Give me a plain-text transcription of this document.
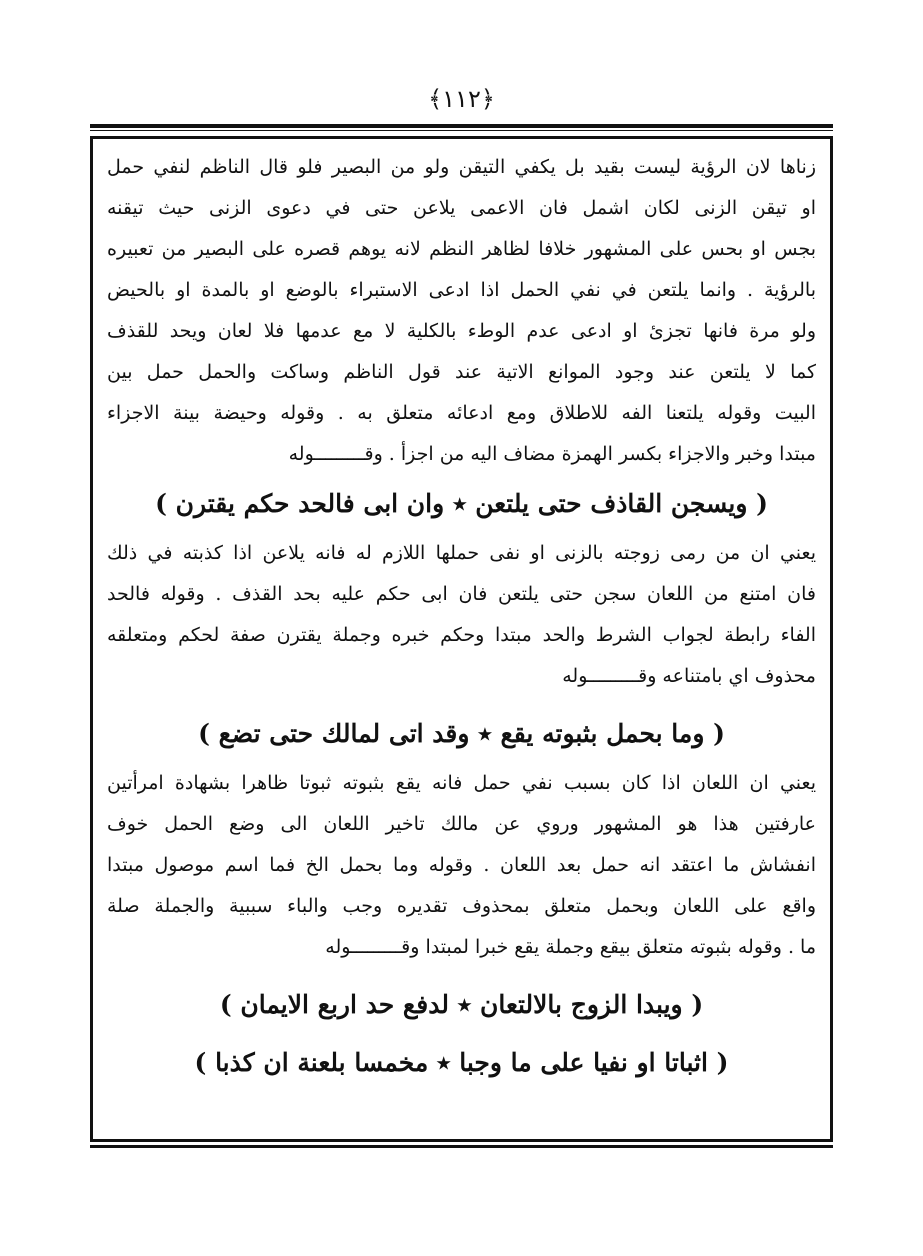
﴾١١٢﴿
زناها لان الرؤية ليست بقيد بل يكفي التيقن ولو من البصير فلو قال الناظم لنفي حمل
او تيقن الزنى لكان اشمل فان الاعمى يلاعن حتى في دعوى الزنى حيث تيقنه
بجس او بحس على المشهور خلافا لظاهر النظم لانه يوهم قصره على البصير من تعبيره
بالرؤية . وانما يلتعن في نفي الحمل اذا ادعى الاستبراء بالوضع او بالمدة او بالحيض
ولو مرة فانها تجزئ او ادعى عدم الوطء بالكلية لا مع عدمها فلا لعان ويحد للقذف
كما لا يلتعن عند وجود الموانع الاتية عند قول الناظم وساكت والحمل حمل بين
البيت وقوله يلتعنا الفه للاطلاق ومع ادعائه متعلق به . وقوله وحيضة بينة الاجزاء
مبتدا وخبر والاجزاء بكسر الهمزة مضاف اليه من اجزأ . وقـــــــــوله
( ويسجن القاذف حتى يلتعن ٭ وان ابى فالحد حكم يقترن )
يعني ان من رمى زوجته بالزنى او نفى حملها اللازم له فانه يلاعن اذا كذبته في ذلك
فان امتنع من اللعان سجن حتى يلتعن فان ابى حكم عليه بحد القذف . وقوله فالحد
الفاء رابطة لجواب الشرط والحد مبتدا وحكم خبره وجملة يقترن صفة لحكم ومتعلقه
محذوف اي بامتناعه وقـــــــــوله
( وما بحمل بثبوته يقع ٭ وقد اتى لمالك حتى تضع )
يعني ان اللعان اذا كان بسبب نفي حمل فانه يقع بثبوته ثبوتا ظاهرا بشهادة امرأتين
عارفتين هذا هو المشهور وروي عن مالك تاخير اللعان الى وضع الحمل خوف
انفشاش ما اعتقد انه حمل بعد اللعان . وقوله وما بحمل الخ فما اسم موصول مبتدا
واقع على اللعان وبحمل متعلق بمحذوف تقديره وجب والباء سببية والجملة صلة
ما . وقوله بثبوته متعلق بيقع وجملة يقع خبرا لمبتدا وقـــــــــوله
( ويبدا الزوج بالالتعان ٭ لدفع حد اربع الايمان )
( اثباتا او نفيا على ما وجبا ٭ مخمسا بلعنة ان كذبا )
